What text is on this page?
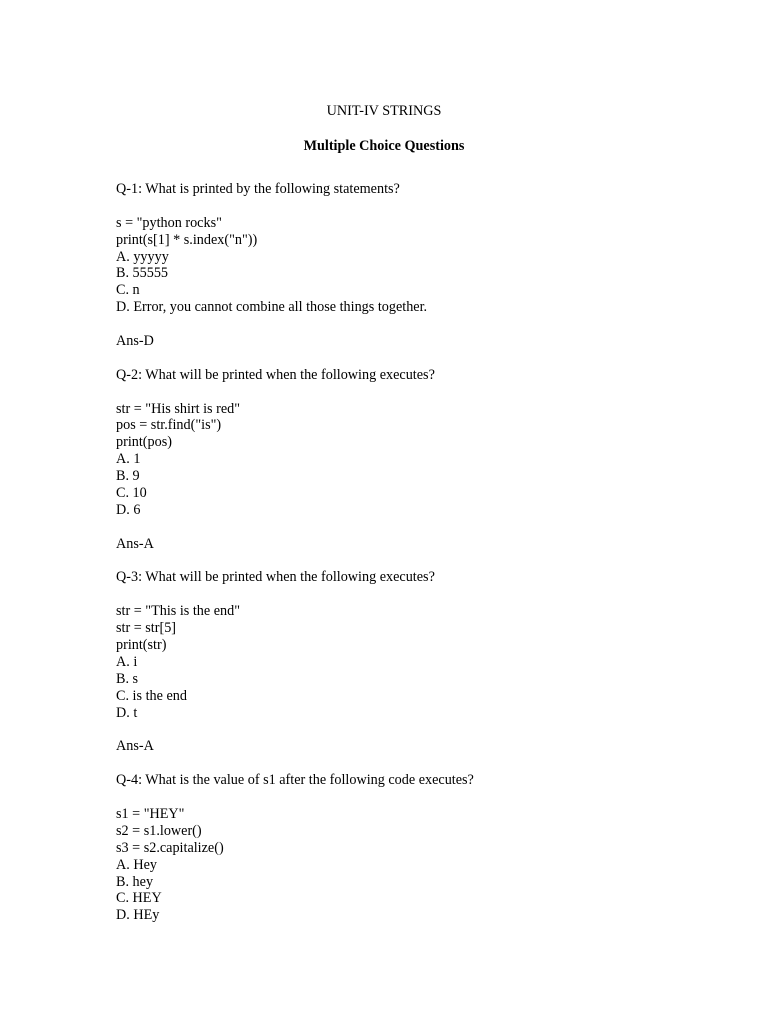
UNIT-IV STRINGS
Multiple Choice Questions
Q-1: What is printed by the following statements?
s = "python rocks"
print(s[1] * s.index("n"))
A. yyyyy
B. 55555
C. n
D. Error, you cannot combine all those things together.
Ans-D
Q-2: What will be printed when the following executes?
str = "His shirt is red"
pos = str.find("is")
print(pos)
A. 1
B. 9
C. 10
D. 6
Ans-A
Q-3: What will be printed when the following executes?
str = "This is the end"
str = str[5]
print(str)
A. i
B. s
C. is the end
D. t
Ans-A
Q-4: What is the value of s1 after the following code executes?
s1 = "HEY"
s2 = s1.lower()
s3 = s2.capitalize()
A. Hey
B. hey
C. HEY
D. HEy
